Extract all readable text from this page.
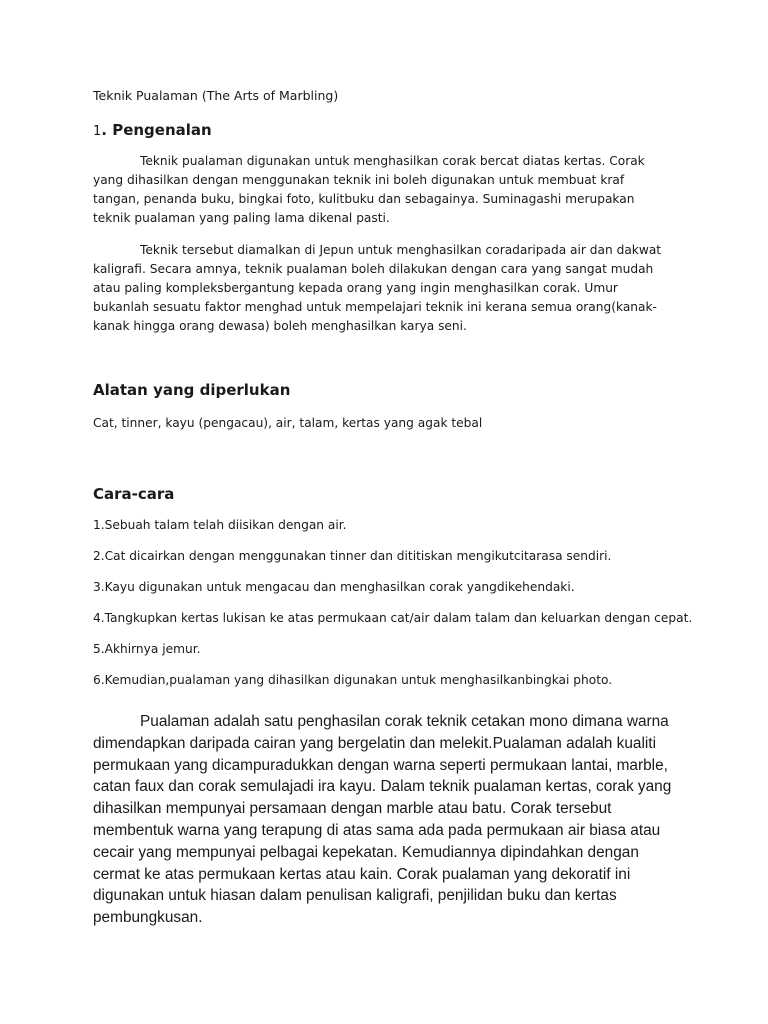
Teknik Pualaman (The Arts of Marbling)
1. Pengenalan

Teknik pualaman digunakan untuk menghasilkan corak bercat diatas kertas. Corak yang dihasilkan dengan menggunakan teknik ini boleh digunakan untuk membuat kraf tangan, penanda buku, bingkai foto, kulitbuku dan sebagainya. Suminagashi merupakan teknik pualaman yang paling lama dikenal pasti.

Teknik tersebut diamalkan di Jepun untuk menghasilkan coradaripada air dan dakwat kaligrafi. Secara amnya, teknik pualaman boleh dilakukan dengan cara yang sangat mudah atau paling kompleksbergantung kepada orang yang ingin menghasilkan corak. Umur bukanlah sesuatu faktor menghad untuk mempelajari teknik ini kerana semua orang(kanak-kanak hingga orang dewasa) boleh menghasilkan karya seni.

Alatan yang diperlukan
Cat, tinner, kayu (pengacau), air, talam, kertas yang agak tebal
Cara-cara
1.Sebuah talam telah diisikan dengan air.
2.Cat dicairkan dengan menggunakan tinner dan dititiskan mengikutcitarasa sendiri.
3.Kayu digunakan untuk mengacau dan menghasilkan corak yangdikehendaki.
4.Tangkupkan kertas lukisan ke atas permukaan cat/air dalam talam dan keluarkan dengan cepat.
5.Akhirnya jemur.
6.Kemudian,pualaman yang dihasilkan digunakan untuk menghasilkanbingkai photo.

Pualaman adalah satu penghasilan corak teknik cetakan mono dimana warna dimendapkan daripada cairan yang bergelatin dan melekit.Pualaman adalah kualiti permukaan yang dicampuradukkan dengan warna seperti permukaan lantai, marble, catan faux dan corak semulajadi ira kayu. Dalam teknik pualaman kertas, corak yang dihasilkan mempunyai persamaan dengan marble atau batu. Corak tersebut membentuk warna yang terapung di atas sama ada pada permukaan air biasa atau cecair yang mempunyai pelbagai kepekatan. Kemudiannya dipindahkan dengan cermat ke atas permukaan kertas atau kain. Corak pualaman yang dekoratif ini digunakan untuk hiasan dalam penulisan kaligrafi, penjilidan buku dan kertas pembungkusan.
